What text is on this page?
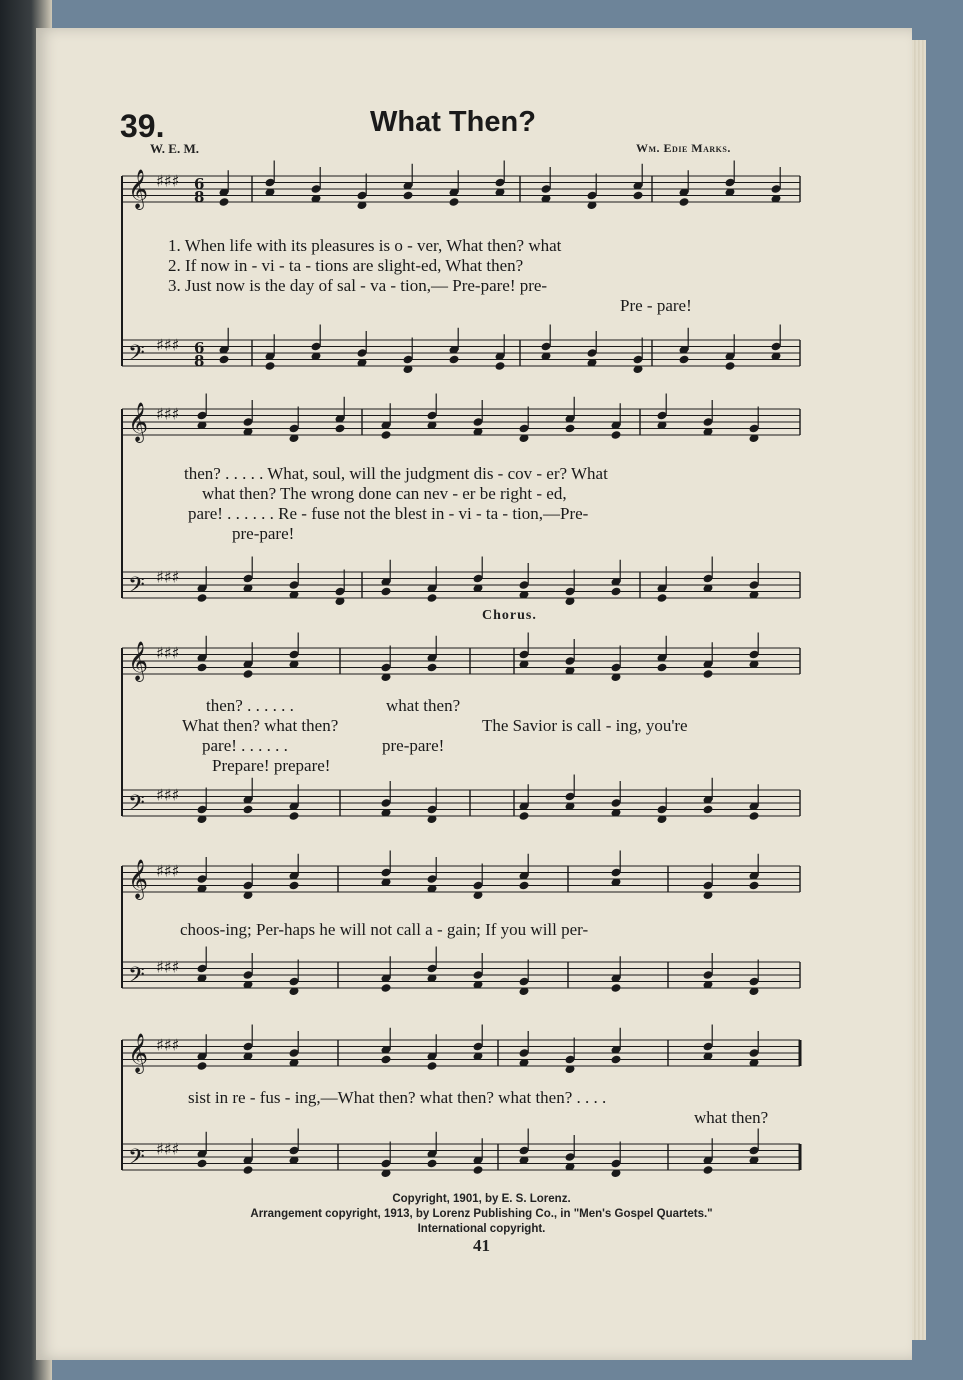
𝄞 ♯♯♯
𝄢 ♯♯♯
𝄞 ♯♯♯
𝄢 ♯♯♯
𝄞 ♯♯♯
𝄢 ♯♯♯
𝄞 ♯♯♯
𝄢 ♯♯♯
𝄞 ♯♯♯
𝄢 ♯♯♯
6
8
6
8
39.	What Then?
W. E. M.	Wm. Edie Marks.
1. When life with its pleasures is o - ver, What then? what
2. If now in - vi - ta - tions are slight-ed, What then?
3. Just now is the day of sal - va - tion,— Pre-pare! pre-
Pre - pare!
then? . . . . . What, soul, will the judgment dis - cov - er? What
what then? The wrong done can nev - er be right - ed,
pare! . . . . . . Re - fuse not the blest in - vi - ta - tion,—Pre-
pre-pare!
Chorus.
then? . . . . . .	what then?
What then? what then?	The Savior is call - ing, you're
pare! . . . . . .	pre-pare!
Prepare! prepare!
choos-ing; Per-haps he will not call a - gain; If you will per-
sist in re - fus - ing,—What then? what then? what then? . . . .
what then?
Copyright, 1901, by E. S. Lorenz.
Arrangement copyright, 1913, by Lorenz Publishing Co., in "Men's Gospel Quartets."
International copyright.
41
